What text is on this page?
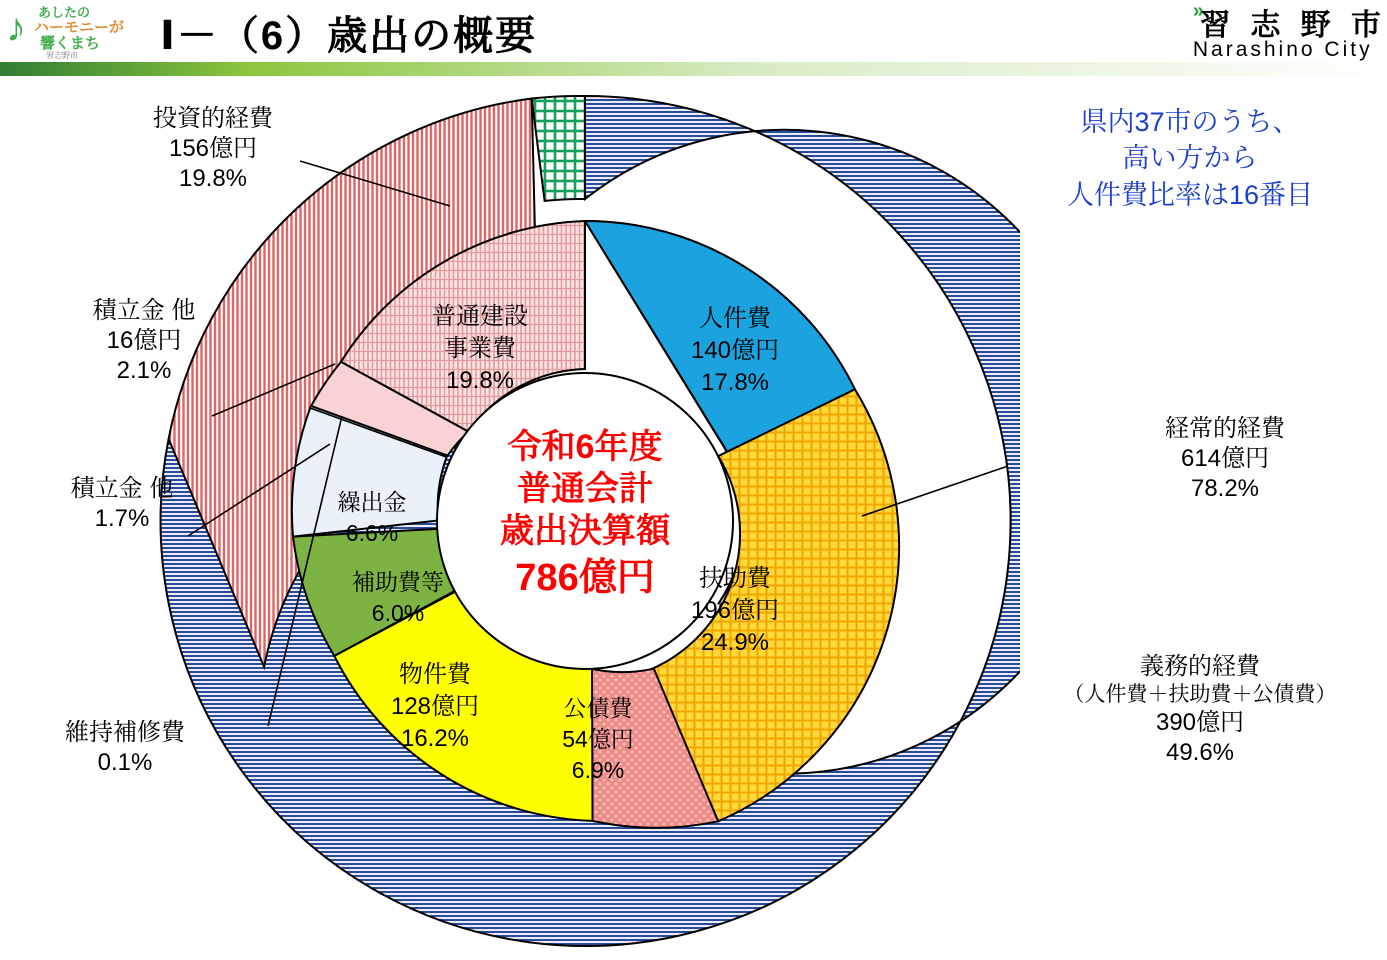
♪ あしたの
ハーモニーが
響くまち
習志野市 Ⅰ－（6）歳出の概要
»習 志 野 市
Narashino City
県内37市のうち、
高い方から
人件費比率は16番目
人件費
140億円
17.8%
扶助費
196億円
24.9%
公債費
54億円
6.9%
物件費
128億円
16.2%
補助費等
6.0%
繰出金
6.6%
普通建設
事業費
19.8%
令和6年度
普通会計
歳出決算額
786億円
投資的経費
156億円
19.8%
積立金 他
16億円
2.1%
積立金 他
1.7%
維持補修費
0.1%
経常的経費
614億円
78.2%
義務的経費
（人件費＋扶助費＋公債費）
390億円
49.6%
